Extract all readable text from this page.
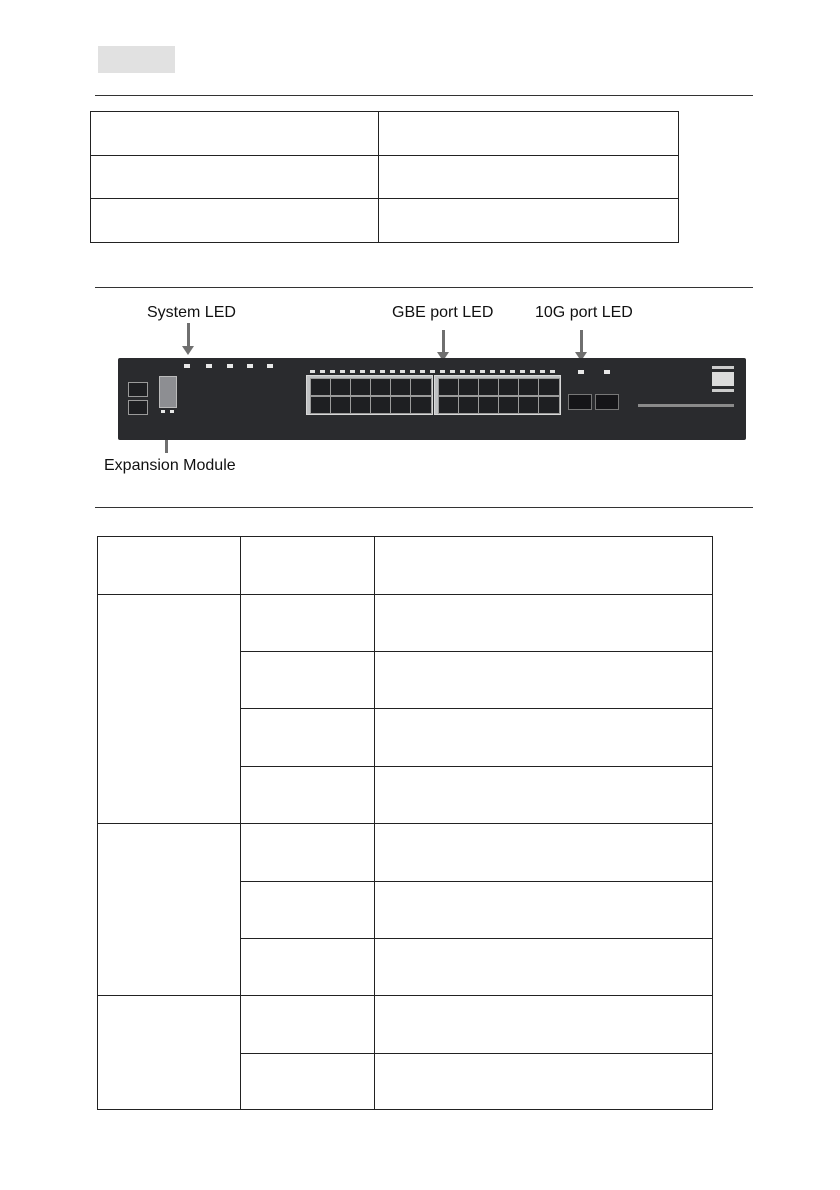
System LED	GBE port LED	10G port LED
Expansion Module
